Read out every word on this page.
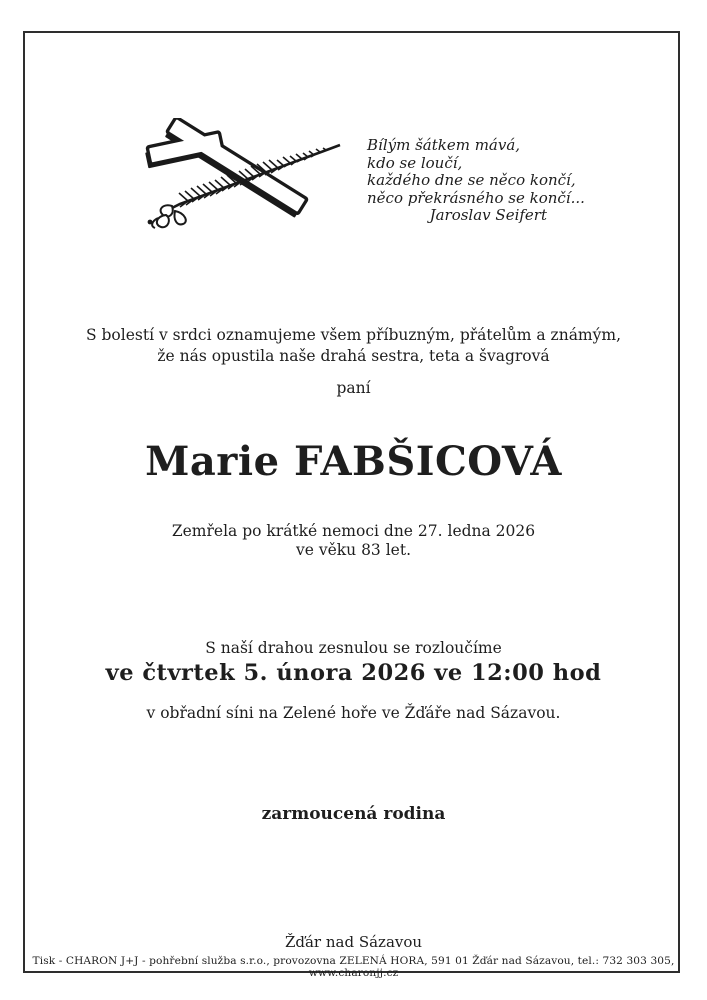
Bílým šátkem mává,
kdo se loučí,
každého dne se něco končí,
něco překrásného se končí...
Jaroslav Seifert
S bolestí v srdci oznamujeme všem příbuzným, přátelům a známým,
že nás opustila naše drahá sestra, teta a švagrová
paní
Marie FABŠICOVÁ
Zemřela po krátké nemoci dne 27. ledna 2026
ve věku 83 let.
S naší drahou zesnulou se rozloučíme
ve čtvrtek 5. února 2026 ve 12:00 hod
v obřadní síni na Zelené hoře ve Žďáře nad Sázavou.
zarmoucená rodina
Žďár nad Sázavou
Tisk - CHARON J+J - pohřební služba s.r.o., provozovna ZELENÁ HORA, 591 01 Žďár nad Sázavou, tel.: 732 303 305, www.charonjj.cz
